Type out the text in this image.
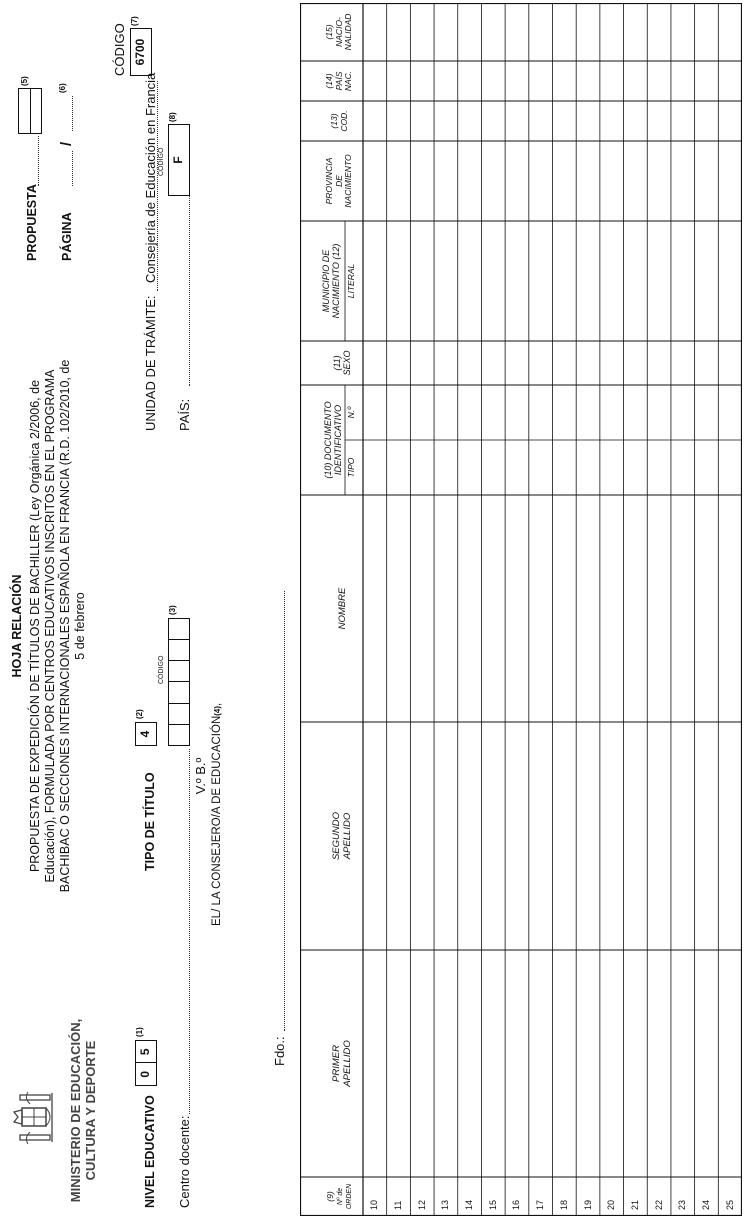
MINISTERIO DE EDUCACIÓN, CULTURA Y DEPORTE
HOJA RELACIÓN PROPUESTA DE EXPEDICIÓN DE TÍTULOS DE BACHILLER (Ley Orgánica 2/2006, de Educación), FORMULADA POR CENTROS EDUCATIVOS INSCRITOS EN EL PROGRAMA BACHIBAC O SECCIONES INTERNACIONALES ESPAÑOLA EN FRANCIA (R.D. 102/2010, de 5 de febrero
PROPUESTA
(5)
PÁGINA
/
(6)
CÓDIGO 6700
(7)
NIVEL EDUCATIVO
0
5
(1)
TIPO DE TÍTULO
4
(2)
Centro docente:
CÓDIGO
(3)
UNIDAD DE TRÁMITE:
Consejería de Educación en Francia
PAÍS:
CÓDIGO F
(8)
V.º B.º EL/ LA CONSEJERO/A DE EDUCACIÓN(4),
Fdo.:
(9) Nº de ORDEN
PRIMER APELLIDO
SEGUNDO APELLIDO
NOMBRE
(10) DOCUMENTO IDENTIFICATIVO TIPO
N.º
(11) SEXO
MUNICIPIO DE NACIMIENTO (12) LITERAL
PROVINCIA DE NACIMIENTO
(13) COD.
(14) PAÍS NAC.
(15) NACIO- NALIDAD
10 11 12 13 14 15 16 17 18 19 20 21 22 23 24 25
